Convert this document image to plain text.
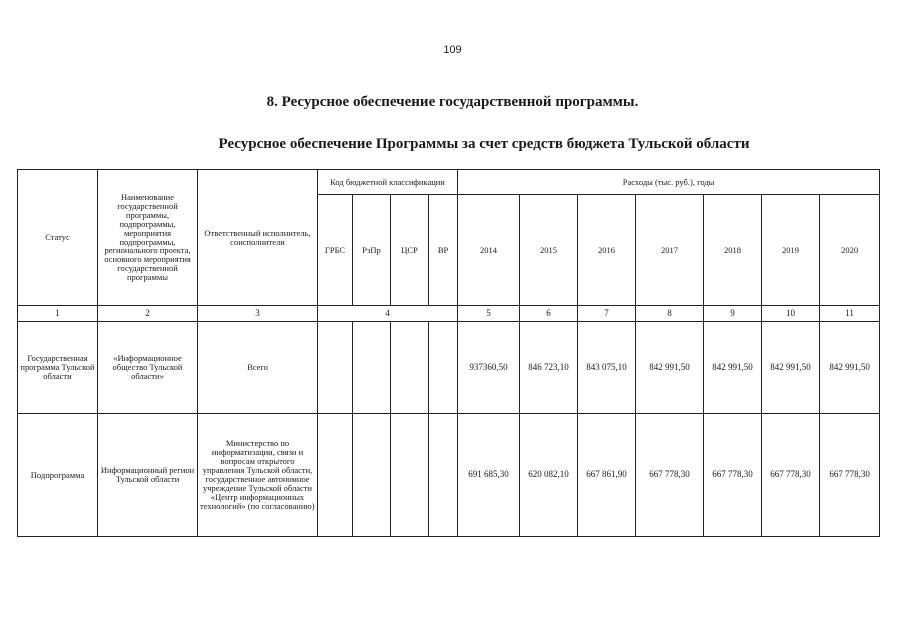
109
8. Ресурсное обеспечение государственной программы.
Ресурсное обеспечение Программы за счет средств бюджета Тульской области
Статус	Наименование государственной программы, подпрограммы, мероприятия подпрограммы, регионального проекта, основного мероприятия государственной программы	Ответственный исполнитель, соисполнители	Код бюджетной классификации				Расходы (тыс. руб.), годы						
			ГРБС	РзПр	ЦСР	ВР	2014	2015	2016	2017	2018	2019	2020
1	2	3	4				5	6	7	8	9	10	11
Государственная программа Тульской области	«Информационное общество Тульской области»	Всего					937360,50	846 723,10	843 075,10	842 991,50	842 991,50	842 991,50	842 991,50
Подпрограмма	Информационный регион Тульской области	Министерство по информатизации, связи и вопросам открытого управления Тульской области, государственное автономное учреждение Тульской области «Центр информационных технологий» (по согласованию)					691 685,30	620 082,10	667 861,90	667 778,30	667 778,30	667 778,30	667 778,30
